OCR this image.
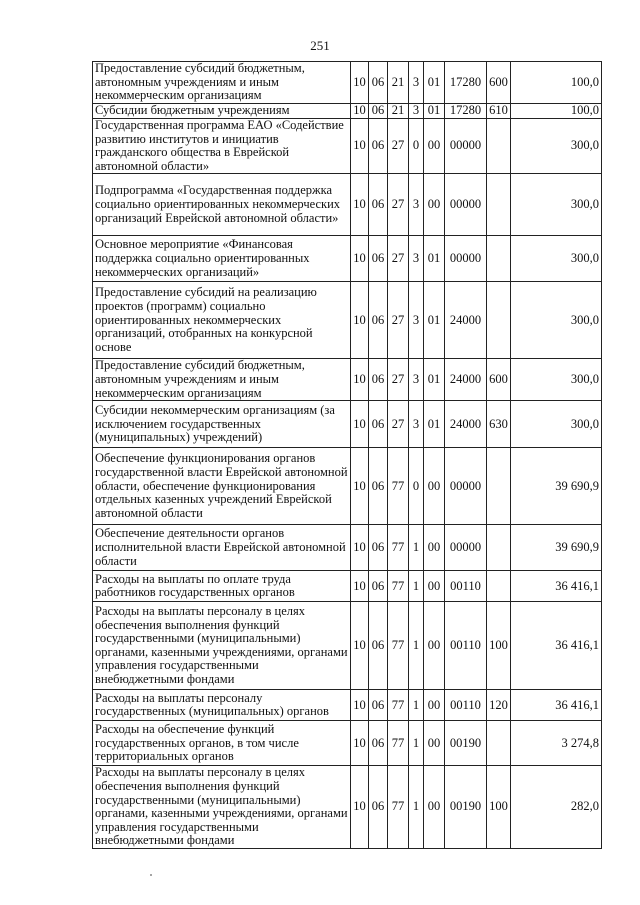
251
Предоставление субсидий бюджетным, автономным учреждениям и иным некоммерческим организациям	10	06	21	3	01	17280	600	100,0
Субсидии бюджетным учреждениям	10	06	21	3	01	17280	610	100,0
Государственная программа ЕАО «Содействие развитию институтов и инициатив гражданского общества в Еврейской автономной области»	10	06	27	0	00	00000		300,0
Подпрограмма «Государственная поддержка социально ориентированных некоммерческих организаций Еврейской автономной области»	10	06	27	3	00	00000		300,0
Основное мероприятие «Финансовая поддержка социально ориентированных некоммерческих организаций»	10	06	27	3	01	00000		300,0
Предоставление субсидий на реализацию проектов (программ) социально ориентированных некоммерческих организаций, отобранных на конкурсной основе	10	06	27	3	01	24000		300,0
Предоставление субсидий бюджетным, автономным учреждениям и иным некоммерческим организациям	10	06	27	3	01	24000	600	300,0
Субсидии некоммерческим организациям (за исключением государственных (муниципальных) учреждений)	10	06	27	3	01	24000	630	300,0
Обеспечение функционирования органов государственной власти Еврейской автономной области, обеспечение функционирования отдельных казенных учреждений Еврейской автономной области	10	06	77	0	00	00000		39 690,9
Обеспечение деятельности органов исполнительной власти Еврейской автономной области	10	06	77	1	00	00000		39 690,9
Расходы на выплаты по оплате труда работников государственных органов	10	06	77	1	00	00110		36 416,1
Расходы на выплаты персоналу в целях обеспечения выполнения функций государственными (муниципальными) органами, казенными учреждениями, органами управления государственными внебюджетными фондами	10	06	77	1	00	00110	100	36 416,1
Расходы на выплаты персоналу государственных (муниципальных) органов	10	06	77	1	00	00110	120	36 416,1
Расходы на обеспечение функций государственных органов, в том числе территориальных органов	10	06	77	1	00	00190		3 274,8
Расходы на выплаты персоналу в целях обеспечения выполнения функций государственными (муниципальными) органами, казенными учреждениями, органами управления государственными внебюджетными фондами	10	06	77	1	00	00190	100	282,0
